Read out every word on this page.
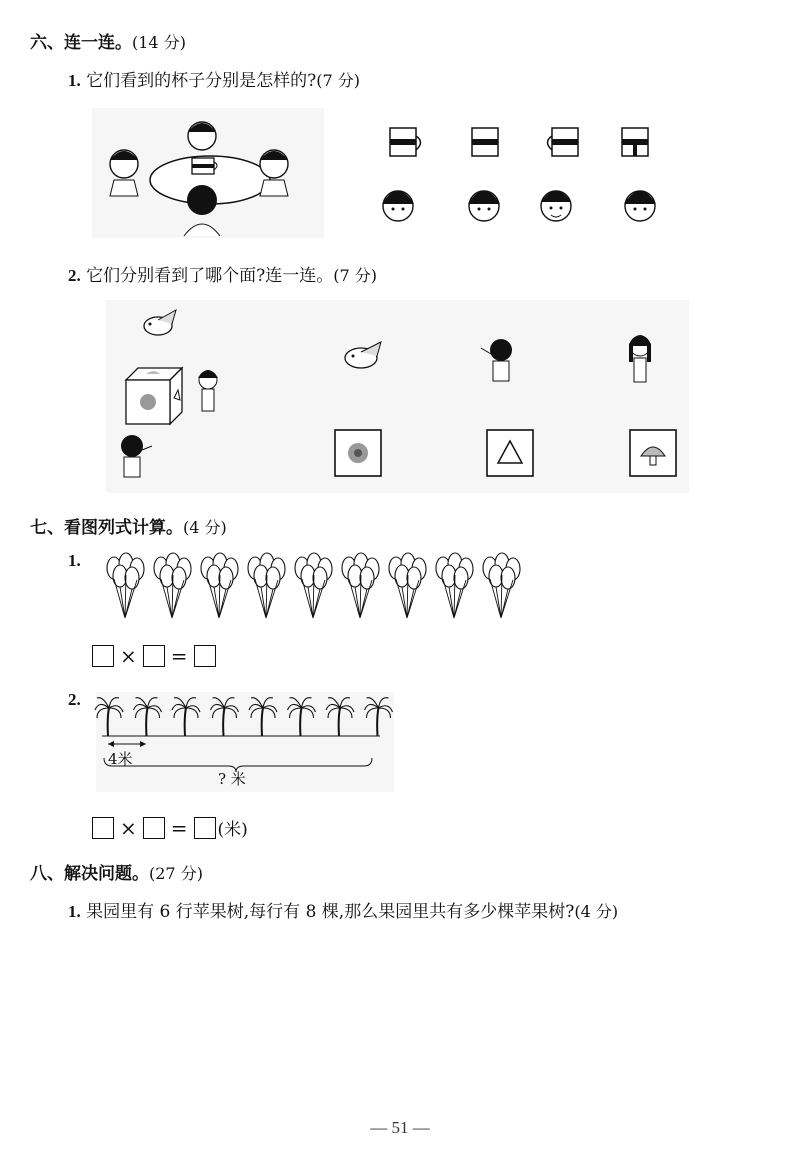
六、连一连。(14 分)
1. 它们看到的杯子分别是怎样的?(7 分)
2. 它们分别看到了哪个面?连一连。(7 分)
七、看图列式计算。(4 分)
1.
× =
2.
4米
? 米
× = (米)
八、解决问题。(27 分)
1. 果园里有 6 行苹果树,每行有 8 棵,那么果园里共有多少棵苹果树?(4 分)
— 51 —
